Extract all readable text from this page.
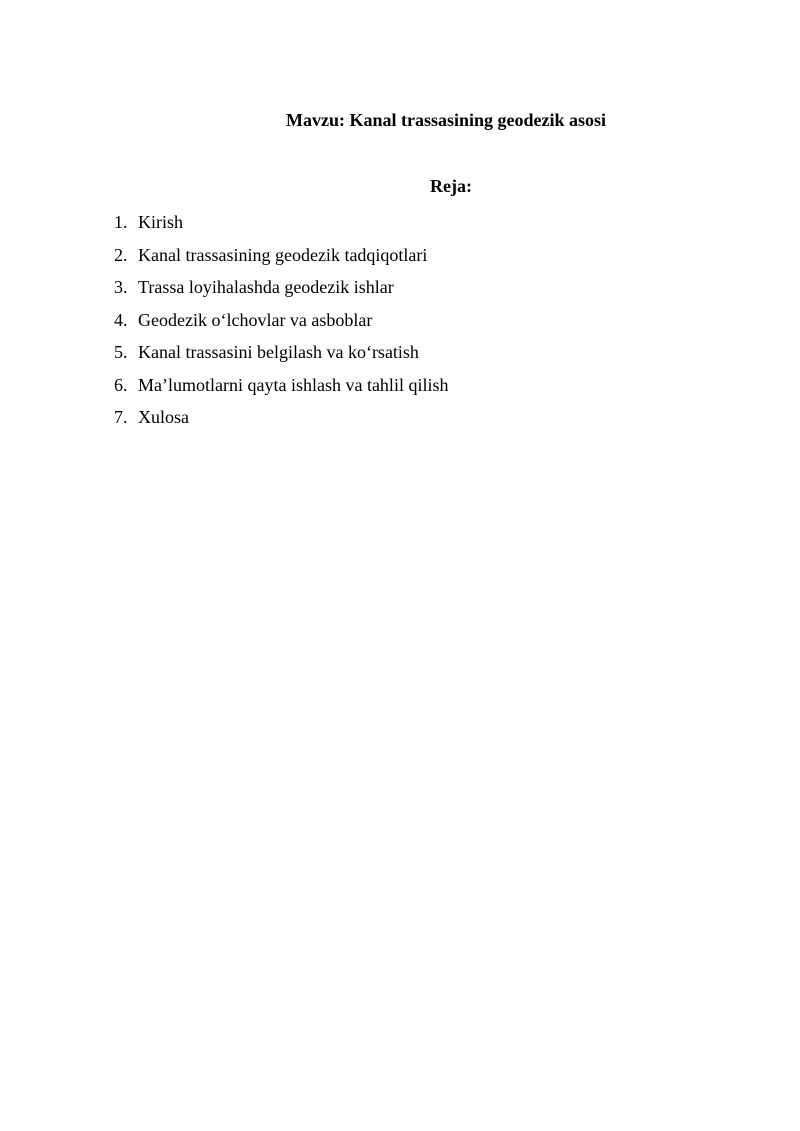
Mavzu: Kanal trassasining geodezik asosi
Reja:
1. Kirish
2. Kanal trassasining geodezik tadqiqotlari
3. Trassa loyihalashda geodezik ishlar
4. Geodezik o‘lchovlar va asboblar
5. Kanal trassasini belgilash va ko‘rsatish
6. Ma’lumotlarni qayta ishlash va tahlil qilish
7. Xulosa
